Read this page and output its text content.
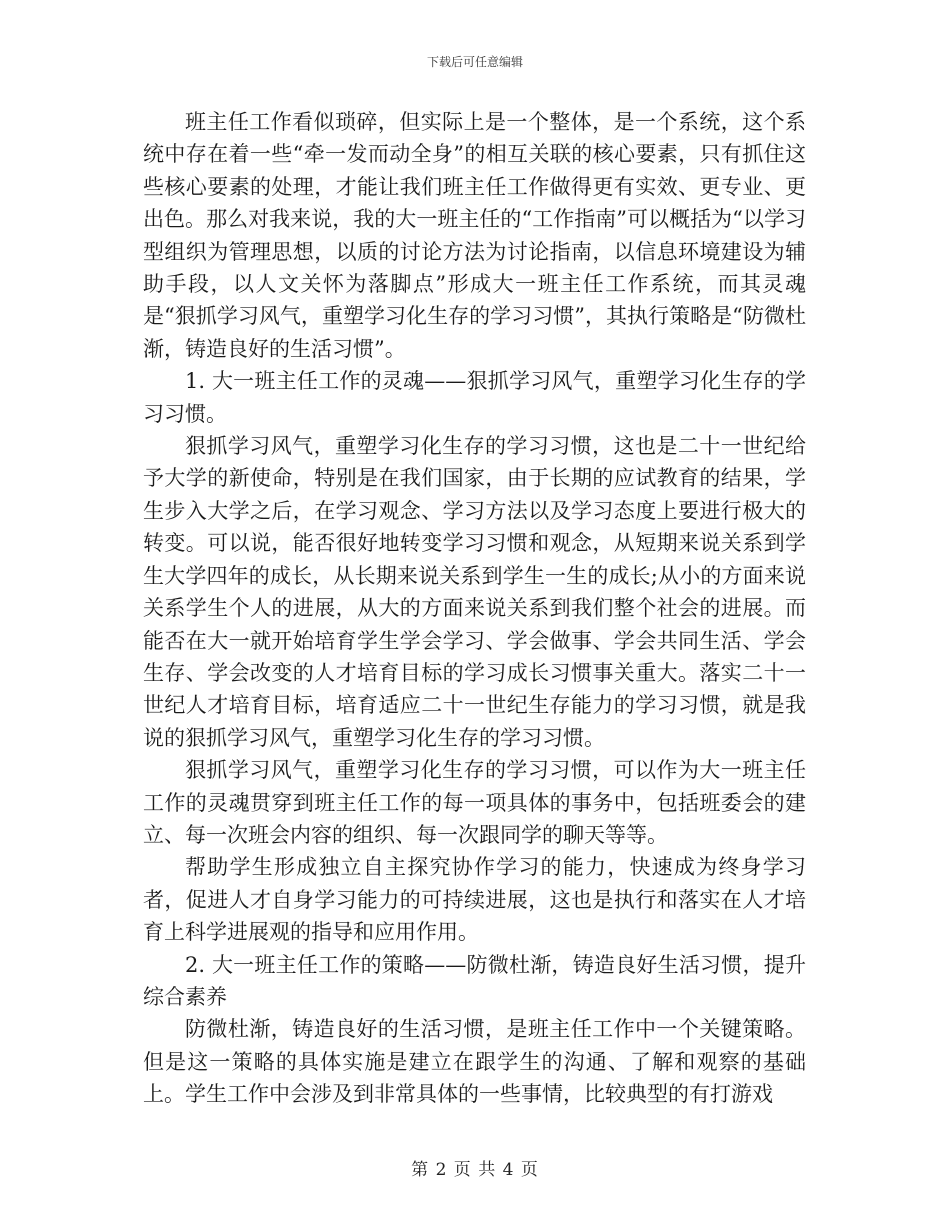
下载后可任意编辑

班主任工作看似琐碎，但实际上是一个整体，是一个系统，这个系统中存在着一些“牵一发而动全身”的相互关联的核心要素，只有抓住这些核心要素的处理，才能让我们班主任工作做得更有实效、更专业、更出色。那么对我来说，我的大一班主任的“工作指南”可以概括为“以学习型组织为管理思想，以质的讨论方法为讨论指南，以信息环境建设为辅助手段，以人文关怀为落脚点”形成大一班主任工作系统，而其灵魂是“狠抓学习风气，重塑学习化生存的学习习惯”，其执行策略是“防微杜渐，铸造良好的生活习惯”。

1. 大一班主任工作的灵魂——狠抓学习风气，重塑学习化生存的学习习惯。

狠抓学习风气，重塑学习化生存的学习习惯，这也是二十一世纪给予大学的新使命，特别是在我们国家，由于长期的应试教育的结果，学生步入大学之后，在学习观念、学习方法以及学习态度上要进行极大的转变。可以说，能否很好地转变学习习惯和观念，从短期来说关系到学生大学四年的成长，从长期来说关系到学生一生的成长;从小的方面来说关系学生个人的进展，从大的方面来说关系到我们整个社会的进展。而能否在大一就开始培育学生学会学习、学会做事、学会共同生活、学会生存、学会改变的人才培育目标的学习成长习惯事关重大。落实二十一世纪人才培育目标，培育适应二十一世纪生存能力的学习习惯，就是我说的狠抓学习风气，重塑学习化生存的学习习惯。

狠抓学习风气，重塑学习化生存的学习习惯，可以作为大一班主任工作的灵魂贯穿到班主任工作的每一项具体的事务中，包括班委会的建立、每一次班会内容的组织、每一次跟同学的聊天等等。

帮助学生形成独立自主探究协作学习的能力，快速成为终身学习者，促进人才自身学习能力的可持续进展，这也是执行和落实在人才培育上科学进展观的指导和应用作用。

2. 大一班主任工作的策略——防微杜渐，铸造良好生活习惯，提升综合素养

防微杜渐，铸造良好的生活习惯，是班主任工作中一个关键策略。但是这一策略的具体实施是建立在跟学生的沟通、了解和观察的基础上。学生工作中会涉及到非常具体的一些事情，比较典型的有打游戏

第 2 页 共 4 页
